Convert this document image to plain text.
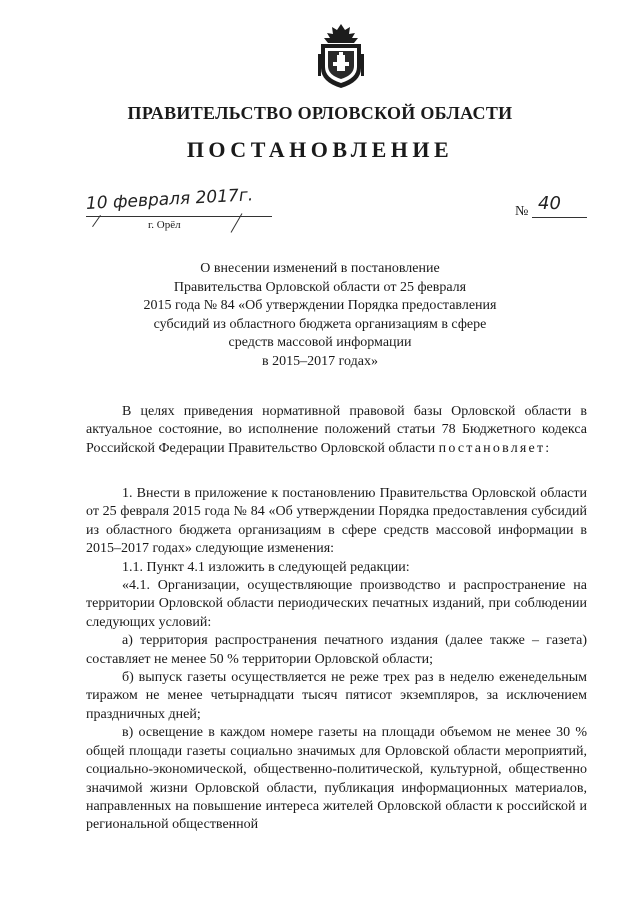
ПРАВИТЕЛЬСТВО ОРЛОВСКОЙ ОБЛАСТИ
ПОСТАНОВЛЕНИЕ
10 февраля 2017г.
г. Орёл
№ 40
О внесении изменений в постановление
Правительства Орловской области от 25 февраля
2015 года № 84 «Об утверждении Порядка предоставления
субсидий из областного бюджета организациям в сфере
средств массовой информации
в 2015–2017 годах»

В целях приведения нормативной правовой базы Орловской области в актуальное состояние, во исполнение положений статьи 78 Бюджетного кодекса Российской Федерации Правительство Орловской области постановляет:

1. Внести в приложение к постановлению Правительства Орловской области от 25 февраля 2015 года № 84 «Об утверждении Порядка предоставления субсидий из областного бюджета организациям в сфере средств массовой информации в 2015–2017 годах» следующие изменения:

1.1. Пункт 4.1 изложить в следующей редакции:

«4.1. Организации, осуществляющие производство и распространение на территории Орловской области периодических печатных изданий, при соблюдении следующих условий:

а) территория распространения печатного издания (далее также – газета) составляет не менее 50 % территории Орловской области;

б) выпуск газеты осуществляется не реже трех раз в неделю еженедельным тиражом не менее четырнадцати тысяч пятисот экземпляров, за исключением праздничных дней;

в) освещение в каждом номере газеты на площади объемом не менее 30 % общей площади газеты социально значимых для Орловской области мероприятий, социально-экономической, общественно-политической, культурной, общественно значимой жизни Орловской области, публикация информационных материалов, направленных на повышение интереса жителей Орловской области к российской и региональной общественной
